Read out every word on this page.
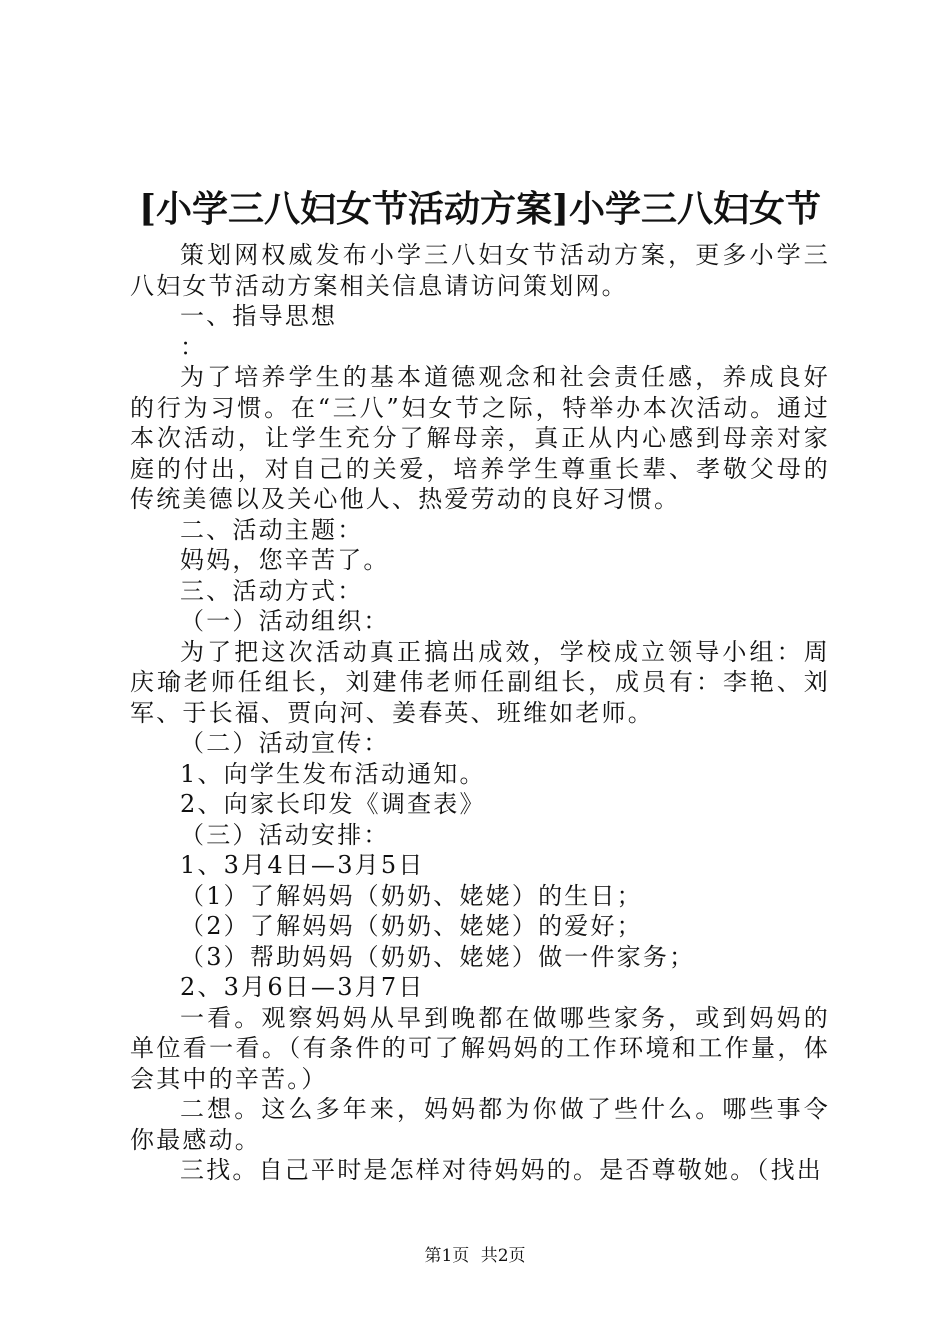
[小学三八妇女节活动方案]小学三八妇女节

策划网权威发布小学三八妇女节活动方案，更多小学三八妇女节活动方案相关信息请访问策划网。

一、指导思想

：

为了培养学生的基本道德观念和社会责任感，养成良好的行为习惯。在“三八”妇女节之际，特举办本次活动。通过本次活动，让学生充分了解母亲，真正从内心感到母亲对家庭的付出，对自己的关爱，培养学生尊重长辈、孝敬父母的传统美德以及关心他人、热爱劳动的良好习惯。

二、活动主题：

妈妈，您辛苦了。

三、活动方式：

（一）活动组织：

为了把这次活动真正搞出成效，学校成立领导小组：周庆瑜老师任组长，刘建伟老师任副组长，成员有：李艳、刘军、于长福、贾向河、姜春英、班维如老师。

（二）活动宣传：

1、向学生发布活动通知。

2、向家长印发《调查表》

（三）活动安排：

1、3月4日—3月5日

（1）了解妈妈（奶奶、姥姥）的生日；

（2）了解妈妈（奶奶、姥姥）的爱好；

（3）帮助妈妈（奶奶、姥姥）做一件家务；

2、3月6日—3月7日

一看。观察妈妈从早到晚都在做哪些家务，或到妈妈的单位看一看。（有条件的可了解妈妈的工作环境和工作量，体会其中的辛苦。）

二想。这么多年来，妈妈都为你做了些什么。哪些事令你最感动。

三找。自己平时是怎样对待妈妈的。是否尊敬她。（找出

第1页 共2页
